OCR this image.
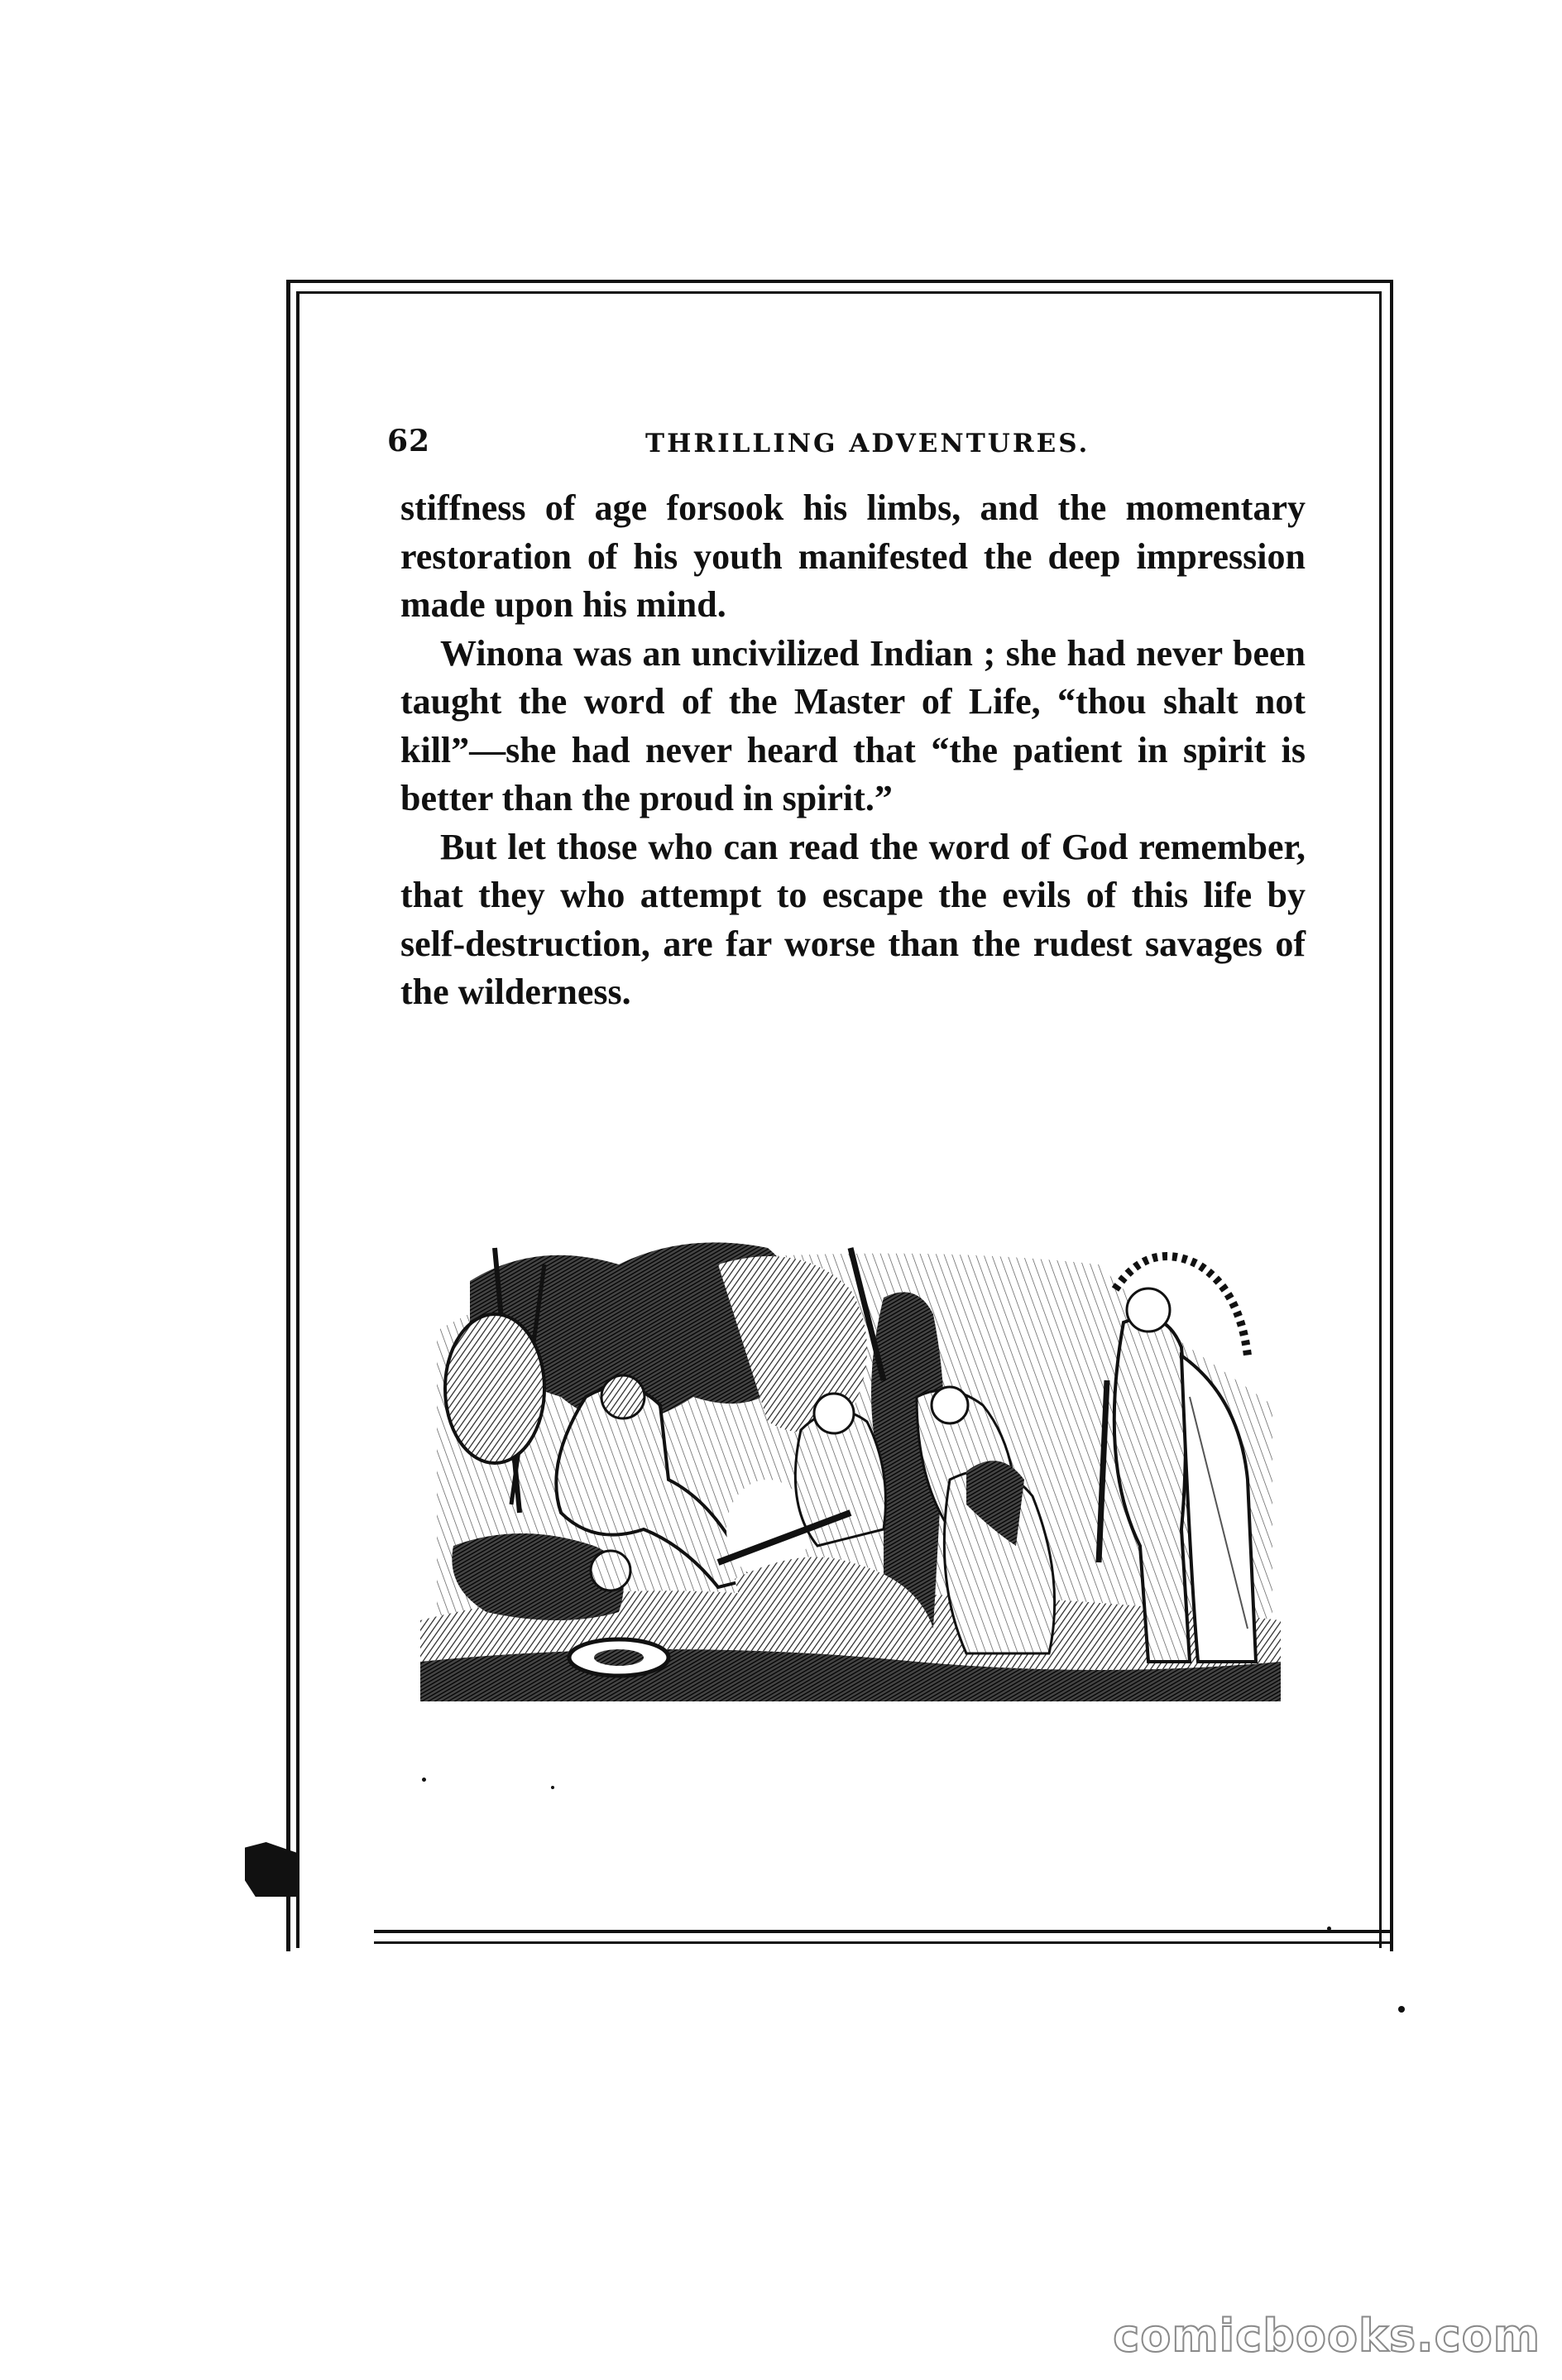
62	THRILLING ADVENTURES.

stiffness of age forsook his limbs, and the momentary restoration of his youth manifested the deep impression made upon his mind.

Winona was an uncivilized Indian ; she had never been taught the word of the Master of Life, “thou shalt not kill”—she had never heard that “the patient in spirit is better than the proud in spirit.”

But let those who can read the word of God remember, that they who attempt to escape the evils of this life by self-destruction, are far worse than the rudest savages of the wilderness.

comicbooks.com
